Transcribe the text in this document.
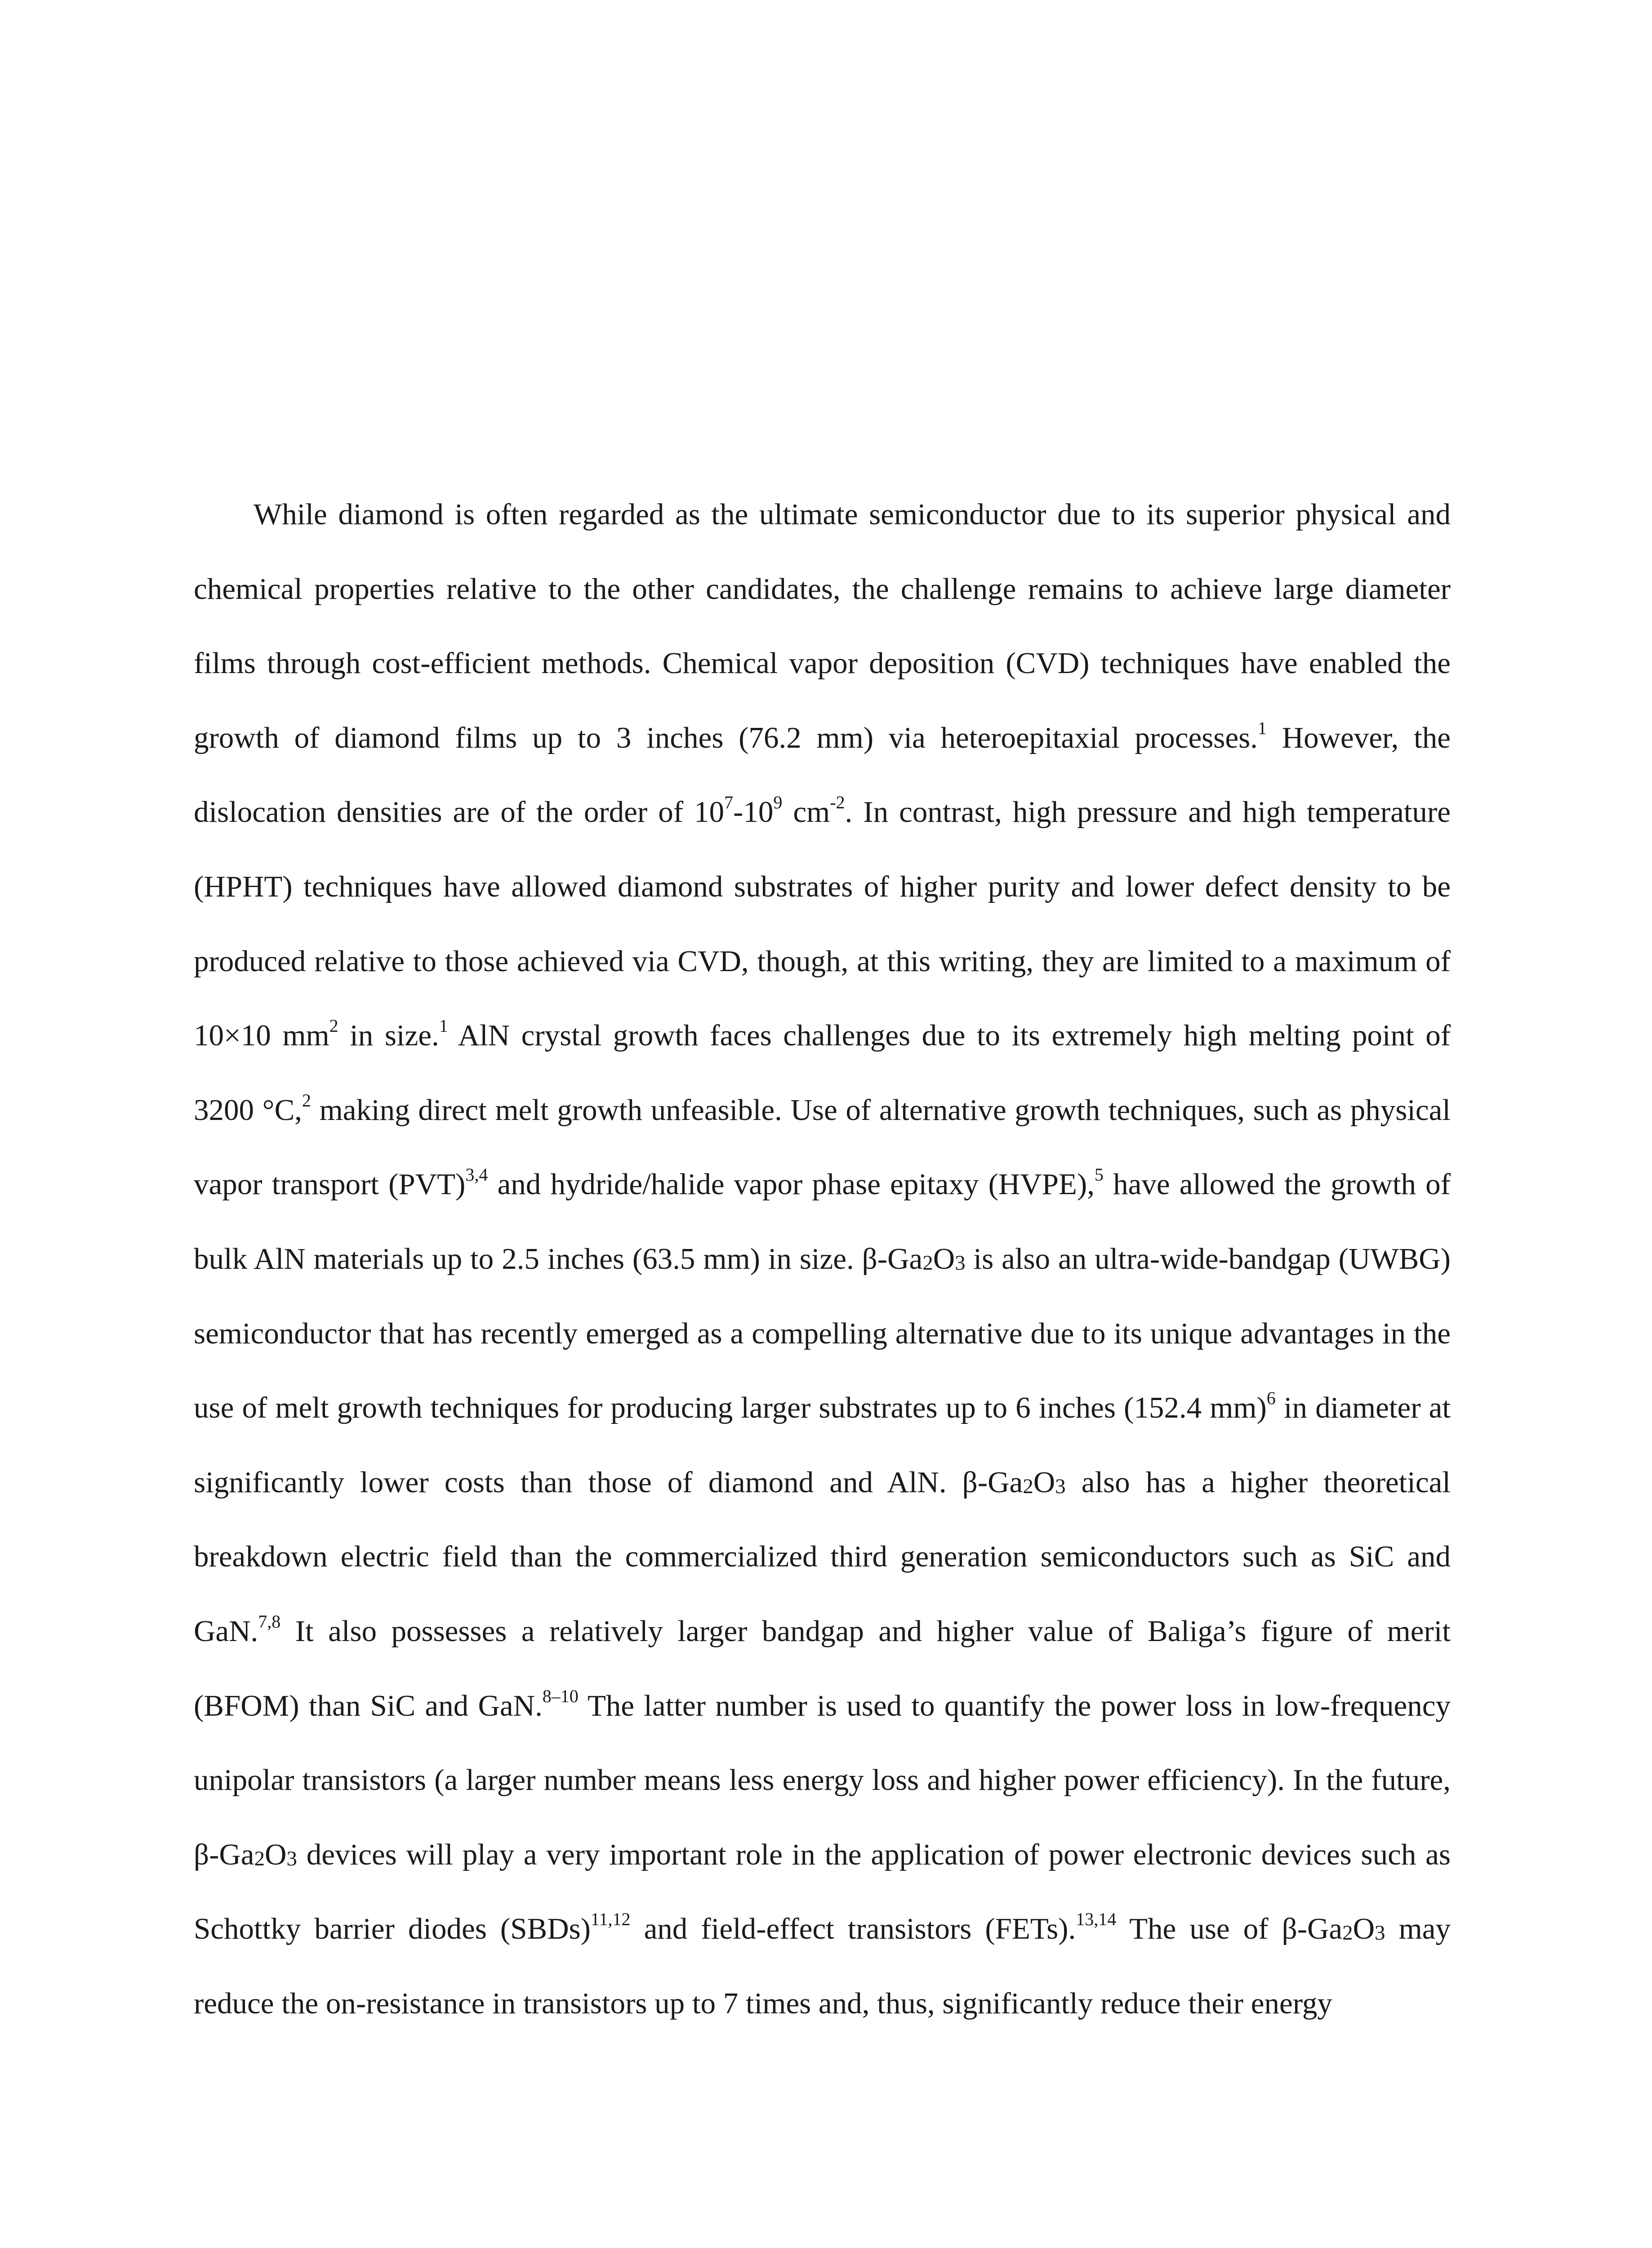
While diamond is often regarded as the ultimate semiconductor due to its superior physical and chemical properties relative to the other candidates, the challenge remains to achieve large diameter films through cost-efficient methods. Chemical vapor deposition (CVD) techniques have enabled the growth of diamond films up to 3 inches (76.2 mm) via heteroepitaxial processes.$^1$ However, the dislocation densities are of the order of $10^7-10^9$ $cm^{-2}$. In contrast, high pressure and high temperature (HPHT) techniques have allowed diamond substrates of higher purity and lower defect density to be produced relative to those achieved via CVD, though, at this writing, they are limited to a maximum of 10×10 $mm^2$ in size.$^1$ AlN crystal growth faces challenges due to its extremely high melting point of 3200 °C,$^2$ making direct melt growth unfeasible. Use of alternative growth techniques, such as physical vapor transport (PVT)$^{3,4}$ and hydride/halide vapor phase epitaxy (HVPE),$^5$ have allowed the growth of bulk AlN materials up to 2.5 inches (63.5 mm) in size. $\beta-Ga_2O_3$ is also an ultra-wide-bandgap (UWBG) semiconductor that has recently emerged as a compelling alternative due to its unique advantages in the use of melt growth techniques for producing larger substrates up to 6 inches (152.4 mm)$^6$ in diameter at significantly lower costs than those of diamond and AlN. $\beta-Ga_2O_3$ also has a higher theoretical breakdown electric field than the commercialized third generation semiconductors such as SiC and GaN.$^{7,8}$ It also possesses a relatively larger bandgap and higher value of Baliga’s figure of merit (BFOM) than SiC and GaN.$^{8-10}$ The latter number is used to quantify the power loss in low-frequency unipolar transistors (a larger number means less energy loss and higher power efficiency). In the future, $\beta-Ga_2O_3$ devices will play a very important role in the application of power electronic devices such as Schottky barrier diodes (SBDs)$^{11,12}$ and field-effect transistors (FETs).$^{13,14}$ The use of $\beta-Ga_2O_3$ may reduce the on-resistance in transistors up to 7 times and, thus, significantly reduce their energy
